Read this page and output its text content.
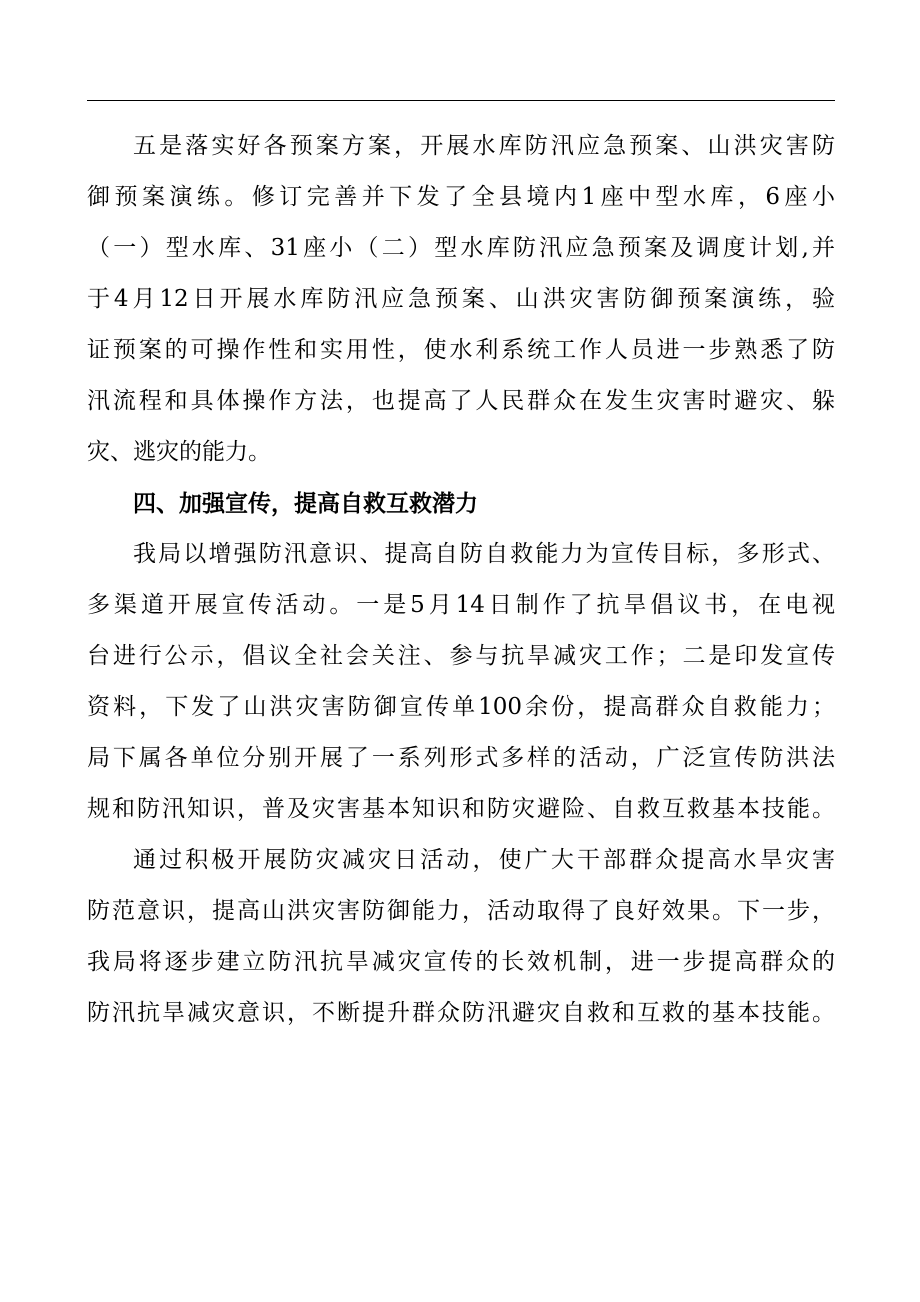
五是落实好各预案方案，开展水库防汛应急预案、山洪灾害防
御预案演练。修订完善并下发了全县境内1座中型水库，6座小
（一）型水库、31座小（二）型水库防汛应急预案及调度计划,并
于4月12日开展水库防汛应急预案、山洪灾害防御预案演练，验
证预案的可操作性和实用性，使水利系统工作人员进一步熟悉了防
汛流程和具体操作方法，也提高了人民群众在发生灾害时避灾、躲
灾、逃灾的能力。
四、加强宣传，提高自救互救潜力
我局以增强防汛意识、提高自防自救能力为宣传目标，多形式、
多渠道开展宣传活动。一是5月14日制作了抗旱倡议书，在电视
台进行公示，倡议全社会关注、参与抗旱减灾工作；二是印发宣传
资料，下发了山洪灾害防御宣传单100余份，提高群众自救能力；
局下属各单位分别开展了一系列形式多样的活动，广泛宣传防洪法
规和防汛知识，普及灾害基本知识和防灾避险、自救互救基本技能。
通过积极开展防灾减灾日活动，使广大干部群众提高水旱灾害
防范意识，提高山洪灾害防御能力，活动取得了良好效果。下一步，
我局将逐步建立防汛抗旱减灾宣传的长效机制，进一步提高群众的
防汛抗旱减灾意识，不断提升群众防汛避灾自救和互救的基本技能。
